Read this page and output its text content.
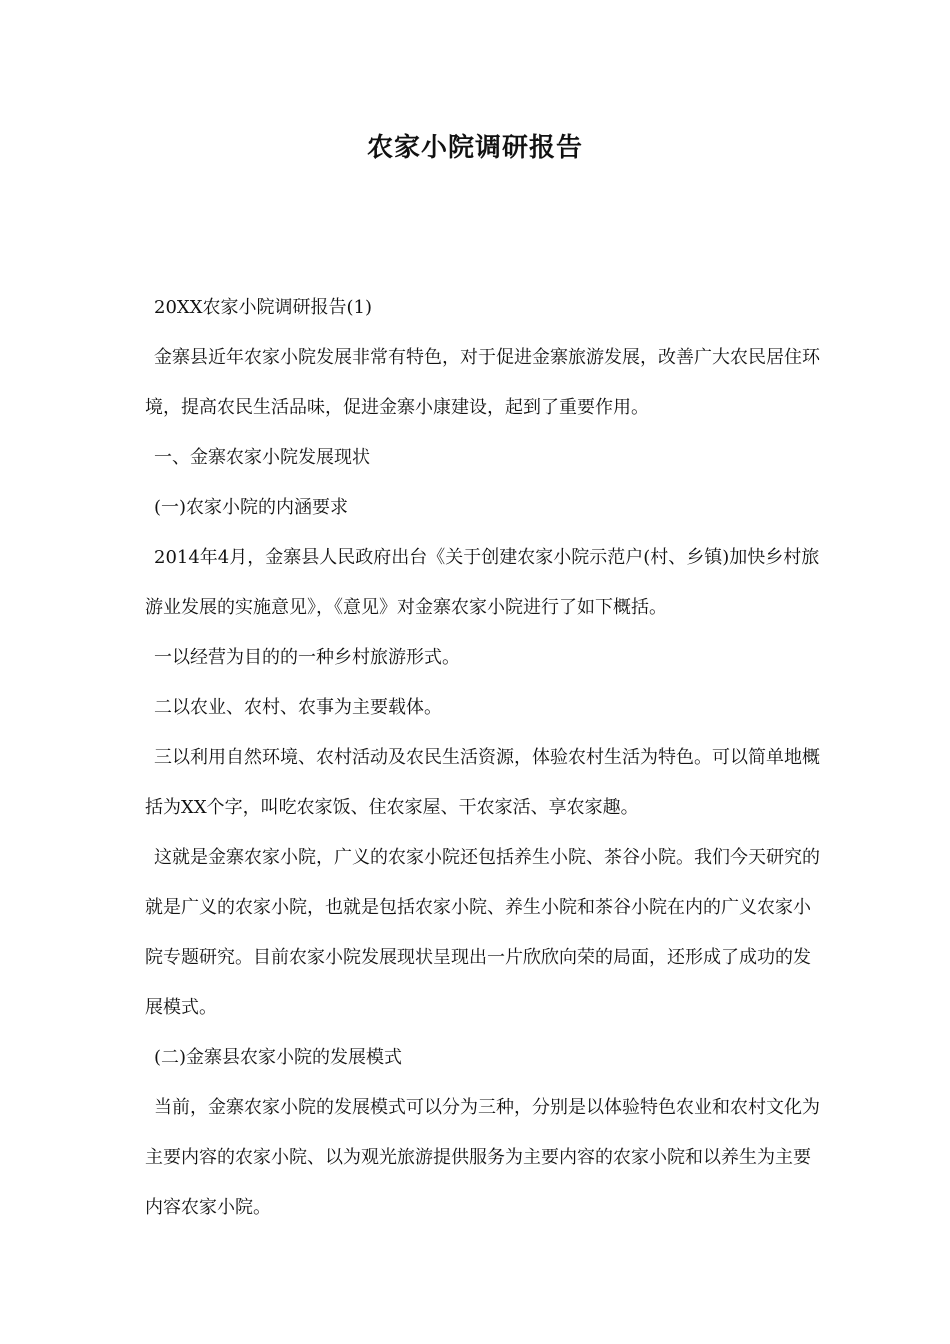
农家小院调研报告

20XX农家小院调研报告(1)

金寨县近年农家小院发展非常有特色，对于促进金寨旅游发展，改善广大农民居住环境，提高农民生活品味，促进金寨小康建设，起到了重要作用。

一、金寨农家小院发展现状

(一)农家小院的内涵要求

2014年4月，金寨县人民政府出台《关于创建农家小院示范户(村、乡镇)加快乡村旅游业发展的实施意见》，《意见》对金寨农家小院进行了如下概括。

一以经营为目的的一种乡村旅游形式。

二以农业、农村、农事为主要载体。

三以利用自然环境、农村活动及农民生活资源，体验农村生活为特色。可以简单地概括为XX个字，叫吃农家饭、住农家屋、干农家活、享农家趣。

这就是金寨农家小院，广义的农家小院还包括养生小院、茶谷小院。我们今天研究的就是广义的农家小院，也就是包括农家小院、养生小院和茶谷小院在内的广义农家小院专题研究。目前农家小院发展现状呈现出一片欣欣向荣的局面，还形成了成功的发展模式。

(二)金寨县农家小院的发展模式

当前，金寨农家小院的发展模式可以分为三种，分别是以体验特色农业和农村文化为主要内容的农家小院、以为观光旅游提供服务为主要内容的农家小院和以养生为主要内容农家小院。
